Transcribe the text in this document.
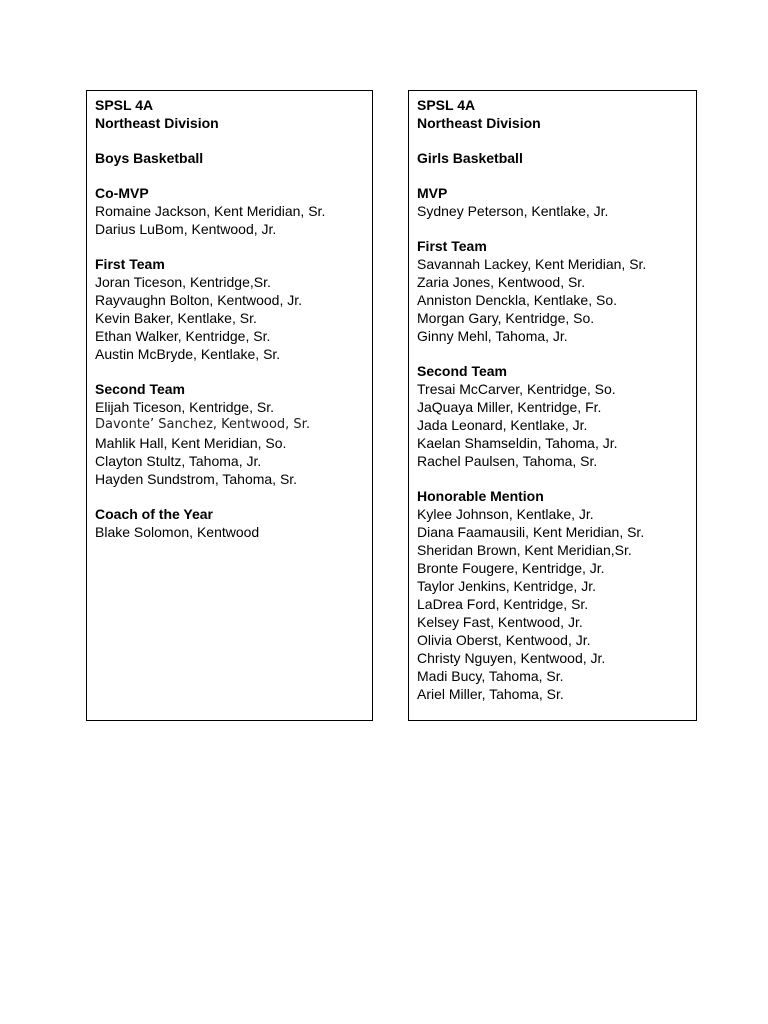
SPSL 4A
Northeast Division
Boys Basketball
Co-MVP
Romaine Jackson, Kent Meridian, Sr.
Darius LuBom, Kentwood, Jr.
First Team
Joran Ticeson, Kentridge,Sr.
Rayvaughn Bolton, Kentwood, Jr.
Kevin Baker, Kentlake, Sr.
Ethan Walker, Kentridge, Sr.
Austin McBryde, Kentlake, Sr.
Second Team
Elijah Ticeson, Kentridge, Sr.
Davonte’ Sanchez, Kentwood, Sr.
Mahlik Hall, Kent Meridian, So.
Clayton Stultz, Tahoma, Jr.
Hayden Sundstrom, Tahoma, Sr.
Coach of the Year
Blake Solomon, Kentwood
SPSL 4A
Northeast Division
Girls Basketball
MVP
Sydney Peterson, Kentlake, Jr.
First Team
Savannah Lackey, Kent Meridian, Sr.
Zaria Jones, Kentwood, Sr.
Anniston Denckla, Kentlake, So.
Morgan Gary, Kentridge, So.
Ginny Mehl, Tahoma, Jr.
Second Team
Tresai McCarver, Kentridge, So.
JaQuaya Miller, Kentridge, Fr.
Jada Leonard, Kentlake, Jr.
Kaelan Shamseldin, Tahoma, Jr.
Rachel Paulsen, Tahoma, Sr.
Honorable Mention
Kylee Johnson, Kentlake, Jr.
Diana Faamausili, Kent Meridian, Sr.
Sheridan Brown, Kent Meridian,Sr.
Bronte Fougere, Kentridge, Jr.
Taylor Jenkins, Kentridge, Jr.
LaDrea Ford, Kentridge, Sr.
Kelsey Fast, Kentwood, Jr.
Olivia Oberst, Kentwood, Jr.
Christy Nguyen, Kentwood, Jr.
Madi Bucy, Tahoma, Sr.
Ariel Miller, Tahoma, Sr.
